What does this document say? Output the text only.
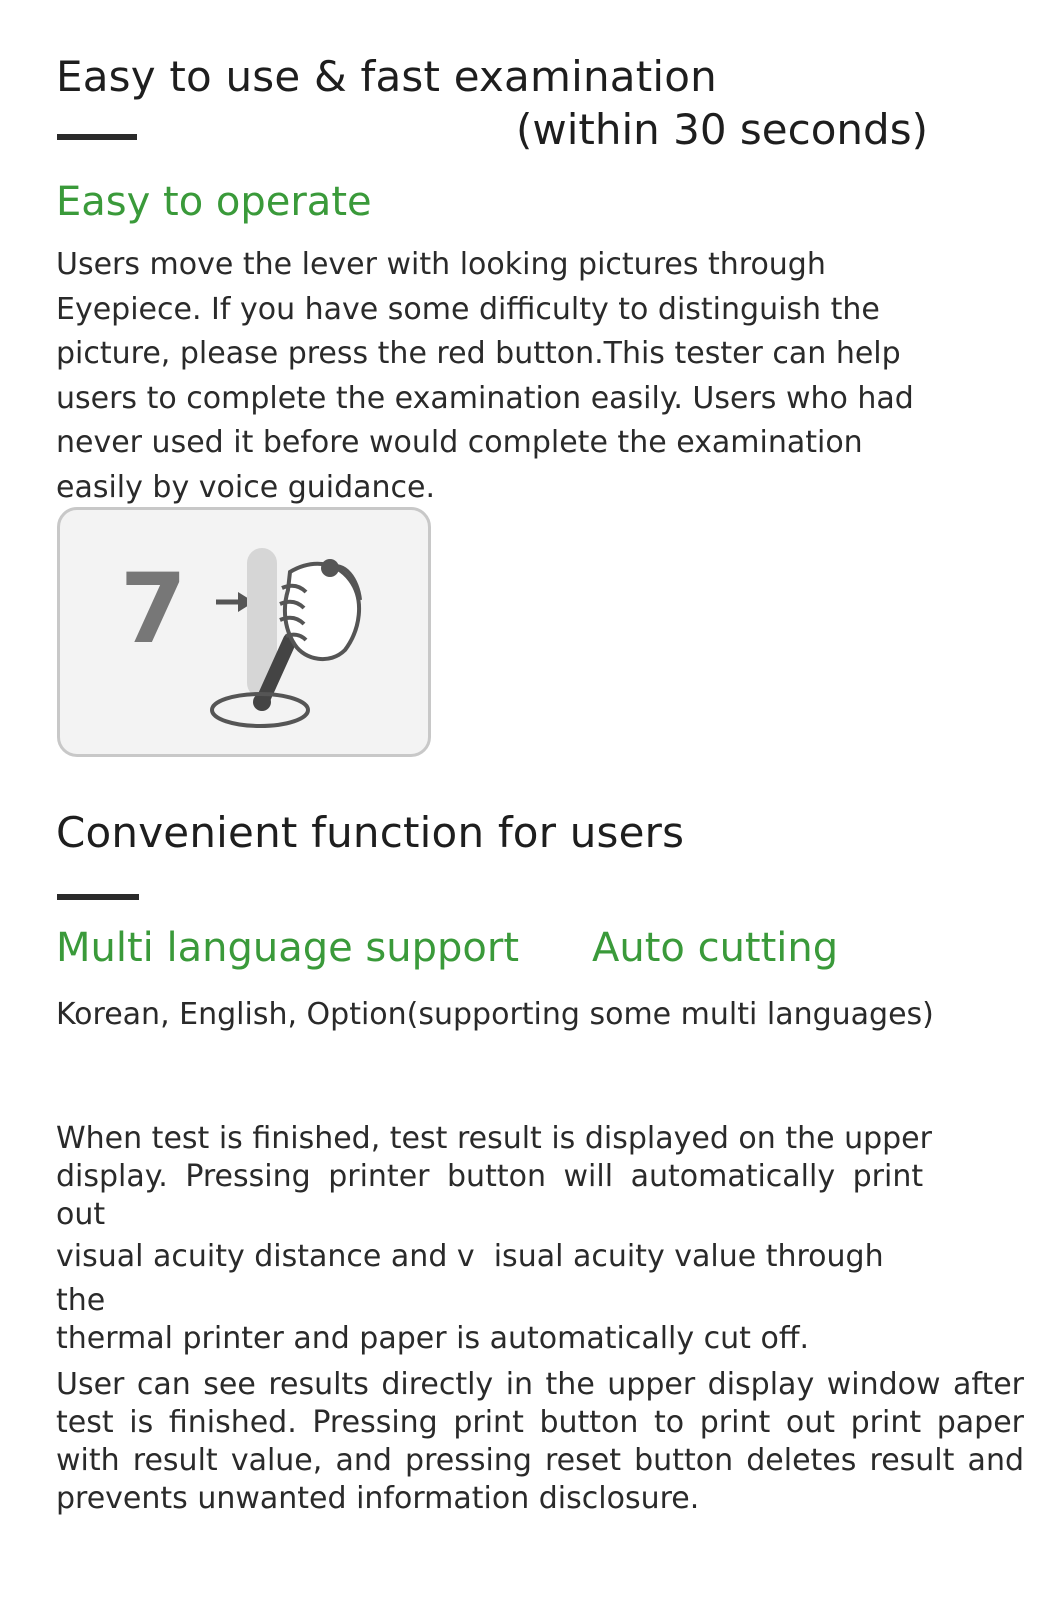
Easy to use & fast examination
(within 30 seconds)
Easy to operate
Users move the lever with looking pictures through
Eyepiece. If you have some difficulty to distinguish the
picture, please press the red button.This tester can help
users to complete the examination easily. Users who had
never used it before would complete the examination
easily by voice guidance.
7
Convenient function for users
Multi language support Auto cutting
Korean, English, Option(supporting some multi languages)
When test is finished, test result is displayed on the upper
display. Pressing printer button will automatically print
out
visual acuity distance and v  isual acuity value through
the
thermal printer and paper is automatically cut off.
User can see results directly in the upper display window after test is finished. Pressing print button to print out print paper with result value, and pressing reset button deletes result and prevents unwanted information disclosure.
